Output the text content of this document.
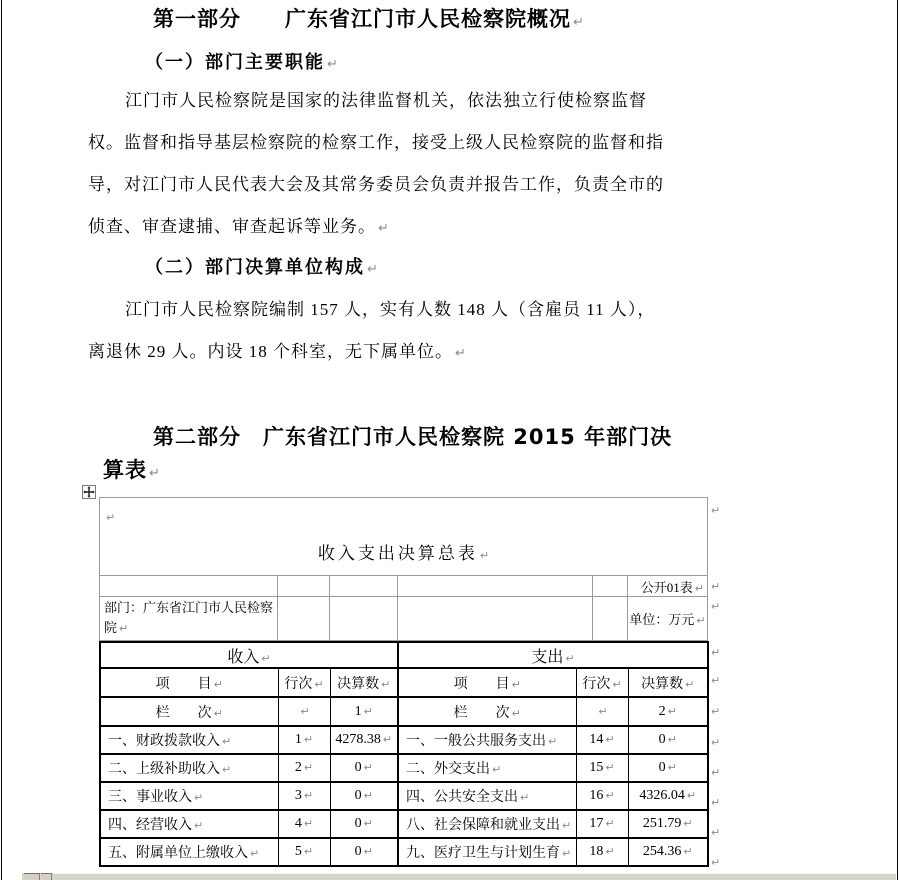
第一部分　　广东省江门市人民检察院概况 ↵
（一）部门主要职能 ↵
江门市人民检察院是国家的法律监督机关，依法独立行使检察监督
权。监督和指导基层检察院的检察工作，接受上级人民检察院的监督和指
导，对江门市人民代表大会及其常务委员会负责并报告工作，负责全市的
侦查、审查逮捕、审查起诉等业务。 ↵
（二）部门决算单位构成 ↵
江门市人民检察院编制 157 人，实有人数 148 人（含雇员 11 人），
离退休 29 人。内设 18 个科室，无下属单位。 ↵
第二部分　广东省江门市人民检察院 2015 年部门决
算表 ↵
↵
收入支出决算总表 ↵					

					公开01表 ↵
部门：广东省江门市人民检察院 ↵					单位：万元 ↵
收入 ↵			支出 ↵		
项　　目 ↵	行次 ↵	决算数 ↵	项　　目 ↵	行次 ↵	决算数 ↵
栏　　次 ↵	↵	1 ↵	栏　　次 ↵	↵	2 ↵
一、财政拨款收入 ↵	1 ↵	4278.38 ↵	一、一般公共服务支出 ↵	14 ↵	0 ↵
二、上级补助收入 ↵	2 ↵	0 ↵	二、外交支出 ↵	15 ↵	0 ↵
三、事业收入 ↵	3 ↵	0 ↵	四、公共安全支出 ↵	16 ↵	4326.04 ↵
四、经营收入 ↵	4 ↵	0 ↵	八、社会保障和就业支出 ↵	17 ↵	251.79 ↵
五、附属单位上缴收入 ↵	5 ↵	0 ↵	九、医疗卫生与计划生育 ↵	18 ↵	254.36 ↵
↵
↵
↵
↵
↵
↵
↵
↵
↵
↵
↵
